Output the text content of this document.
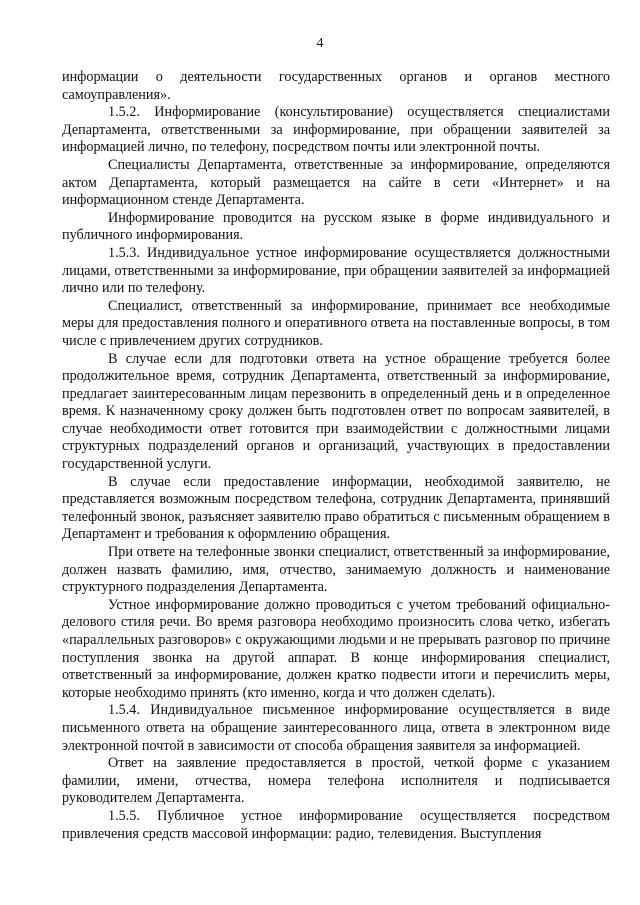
4

информации о деятельности государственных органов и органов местного самоуправления».

1.5.2. Информирование (консультирование) осуществляется специалистами Департамента, ответственными за информирование, при обращении заявителей за информацией лично, по телефону, посредством почты или электронной почты.

Специалисты Департамента, ответственные за информирование, определяются актом Департамента, который размещается на сайте в сети «Интернет» и на информационном стенде Департамента.

Информирование проводится на русском языке в форме индивидуального и публичного информирования.

1.5.3. Индивидуальное устное информирование осуществляется должностными лицами, ответственными за информирование, при обращении заявителей за информацией лично или по телефону.

Специалист, ответственный за информирование, принимает все необходимые меры для предоставления полного и оперативного ответа на поставленные вопросы, в том числе с привлечением других сотрудников.

В случае если для подготовки ответа на устное обращение требуется более продолжительное время, сотрудник Департамента, ответственный за информирование, предлагает заинтересованным лицам перезвонить в определенный день и в определенное время. К назначенному сроку должен быть подготовлен ответ по вопросам заявителей, в случае необходимости ответ готовится при взаимодействии с должностными лицами структурных подразделений органов и организаций, участвующих в предоставлении государственной услуги.

В случае если предоставление информации, необходимой заявителю, не представляется возможным посредством телефона, сотрудник Департамента, принявший телефонный звонок, разъясняет заявителю право обратиться с письменным обращением в Департамент и требования к оформлению обращения.

При ответе на телефонные звонки специалист, ответственный за информирование, должен назвать фамилию, имя, отчество, занимаемую должность и наименование структурного подразделения Департамента.

Устное информирование должно проводиться с учетом требований официально-делового стиля речи. Во время разговора необходимо произносить слова четко, избегать «параллельных разговоров» с окружающими людьми и не прерывать разговор по причине поступления звонка на другой аппарат. В конце информирования специалист, ответственный за информирование, должен кратко подвести итоги и перечислить меры, которые необходимо принять (кто именно, когда и что должен сделать).

1.5.4. Индивидуальное письменное информирование осуществляется в виде письменного ответа на обращение заинтересованного лица, ответа в электронном виде электронной почтой в зависимости от способа обращения заявителя за информацией.

Ответ на заявление предоставляется в простой, четкой форме с указанием фамилии, имени, отчества, номера телефона исполнителя и подписывается руководителем Департамента.

1.5.5. Публичное устное информирование осуществляется посредством привлечения средств массовой информации: радио, телевидения. Выступления
